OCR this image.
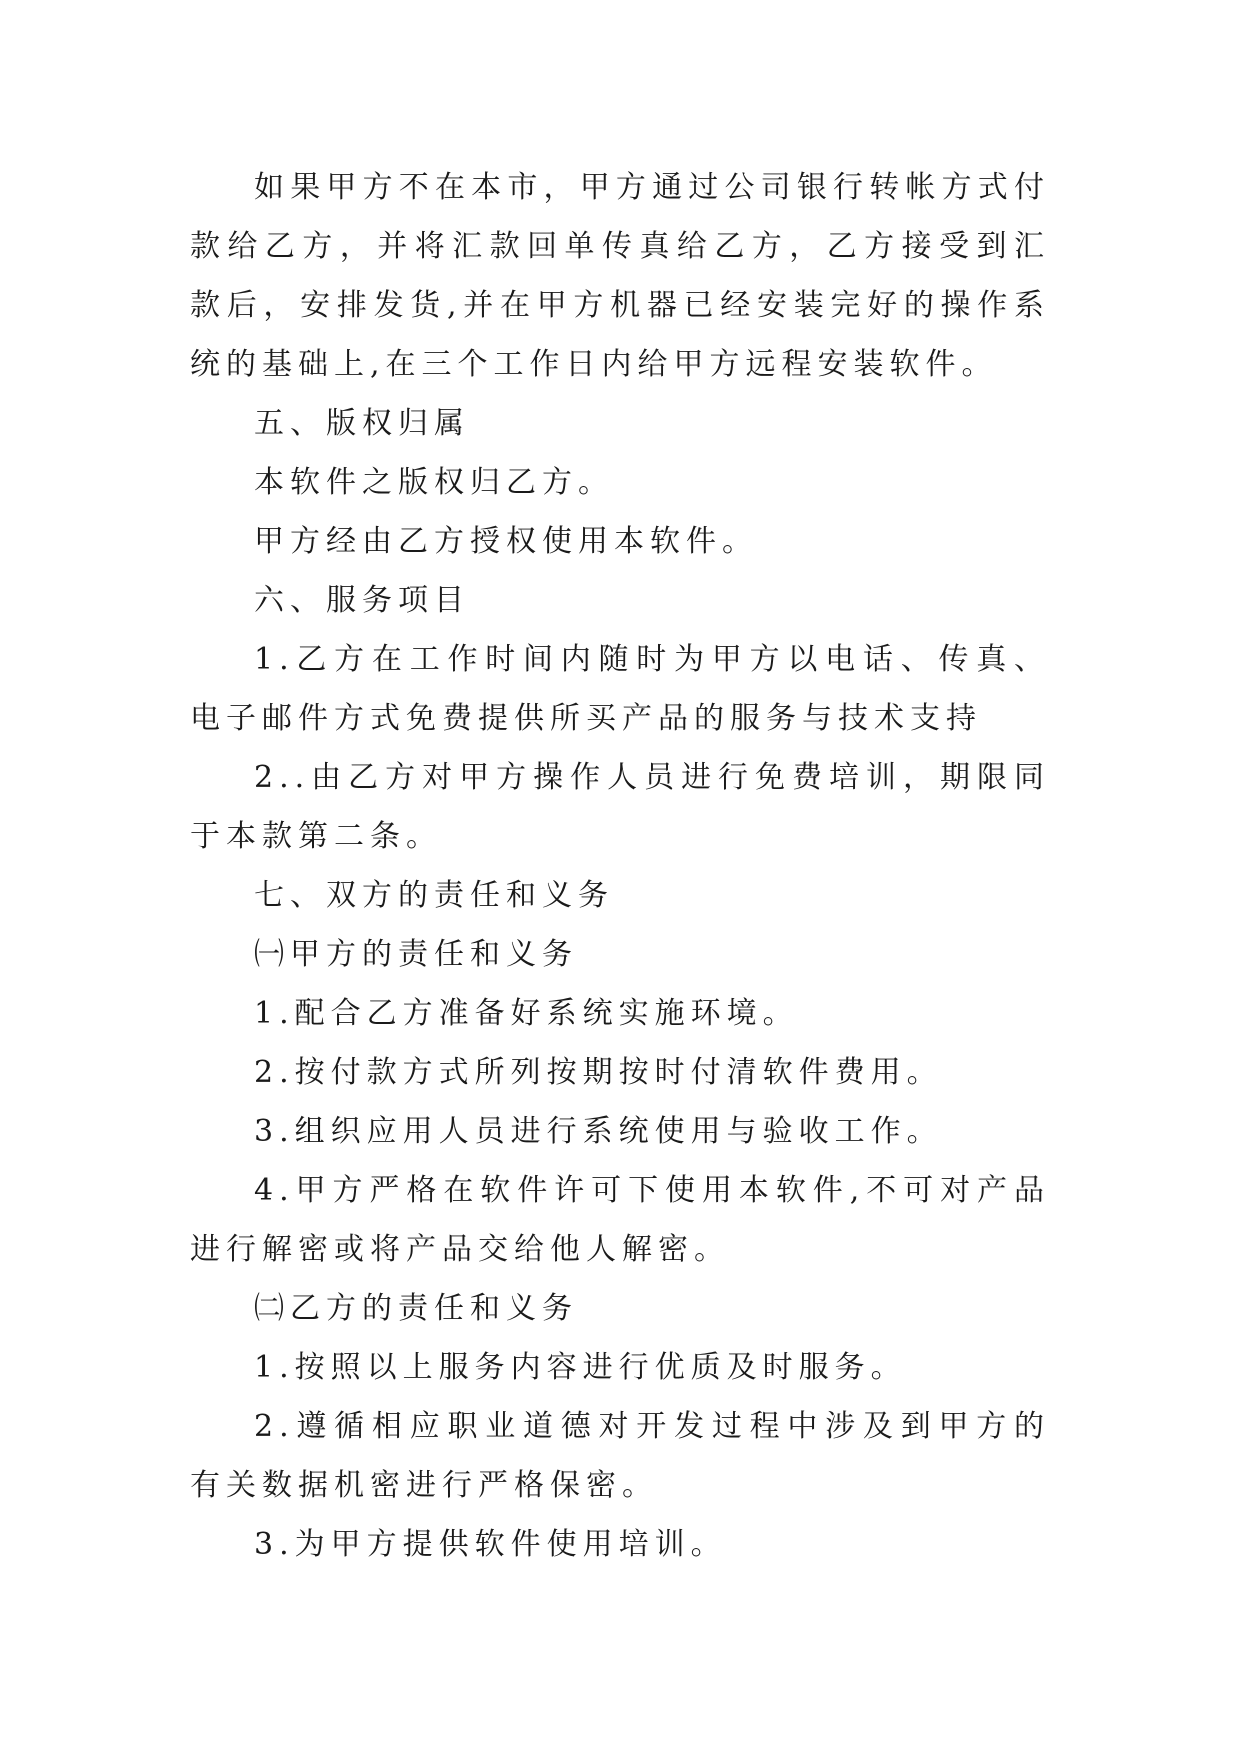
如果甲方不在本市，甲方通过公司银行转帐方式付款给乙方，并将汇款回单传真给乙方，乙方接受到汇款后，安排发货,并在甲方机器已经安装完好的操作系统的基础上,在三个工作日内给甲方远程安装软件。

五、版权归属

本软件之版权归乙方。

甲方经由乙方授权使用本软件。

六、服务项目

1.乙方在工作时间内随时为甲方以电话、传真、电子邮件方式免费提供所买产品的服务与技术支持

2..由乙方对甲方操作人员进行免费培训，期限同于本款第二条。

七、双方的责任和义务

㈠甲方的责任和义务

1.配合乙方准备好系统实施环境。

2.按付款方式所列按期按时付清软件费用。

3.组织应用人员进行系统使用与验收工作。

4.甲方严格在软件许可下使用本软件,不可对产品进行解密或将产品交给他人解密。

㈡乙方的责任和义务

1.按照以上服务内容进行优质及时服务。

2.遵循相应职业道德对开发过程中涉及到甲方的有关数据机密进行严格保密。

3.为甲方提供软件使用培训。
